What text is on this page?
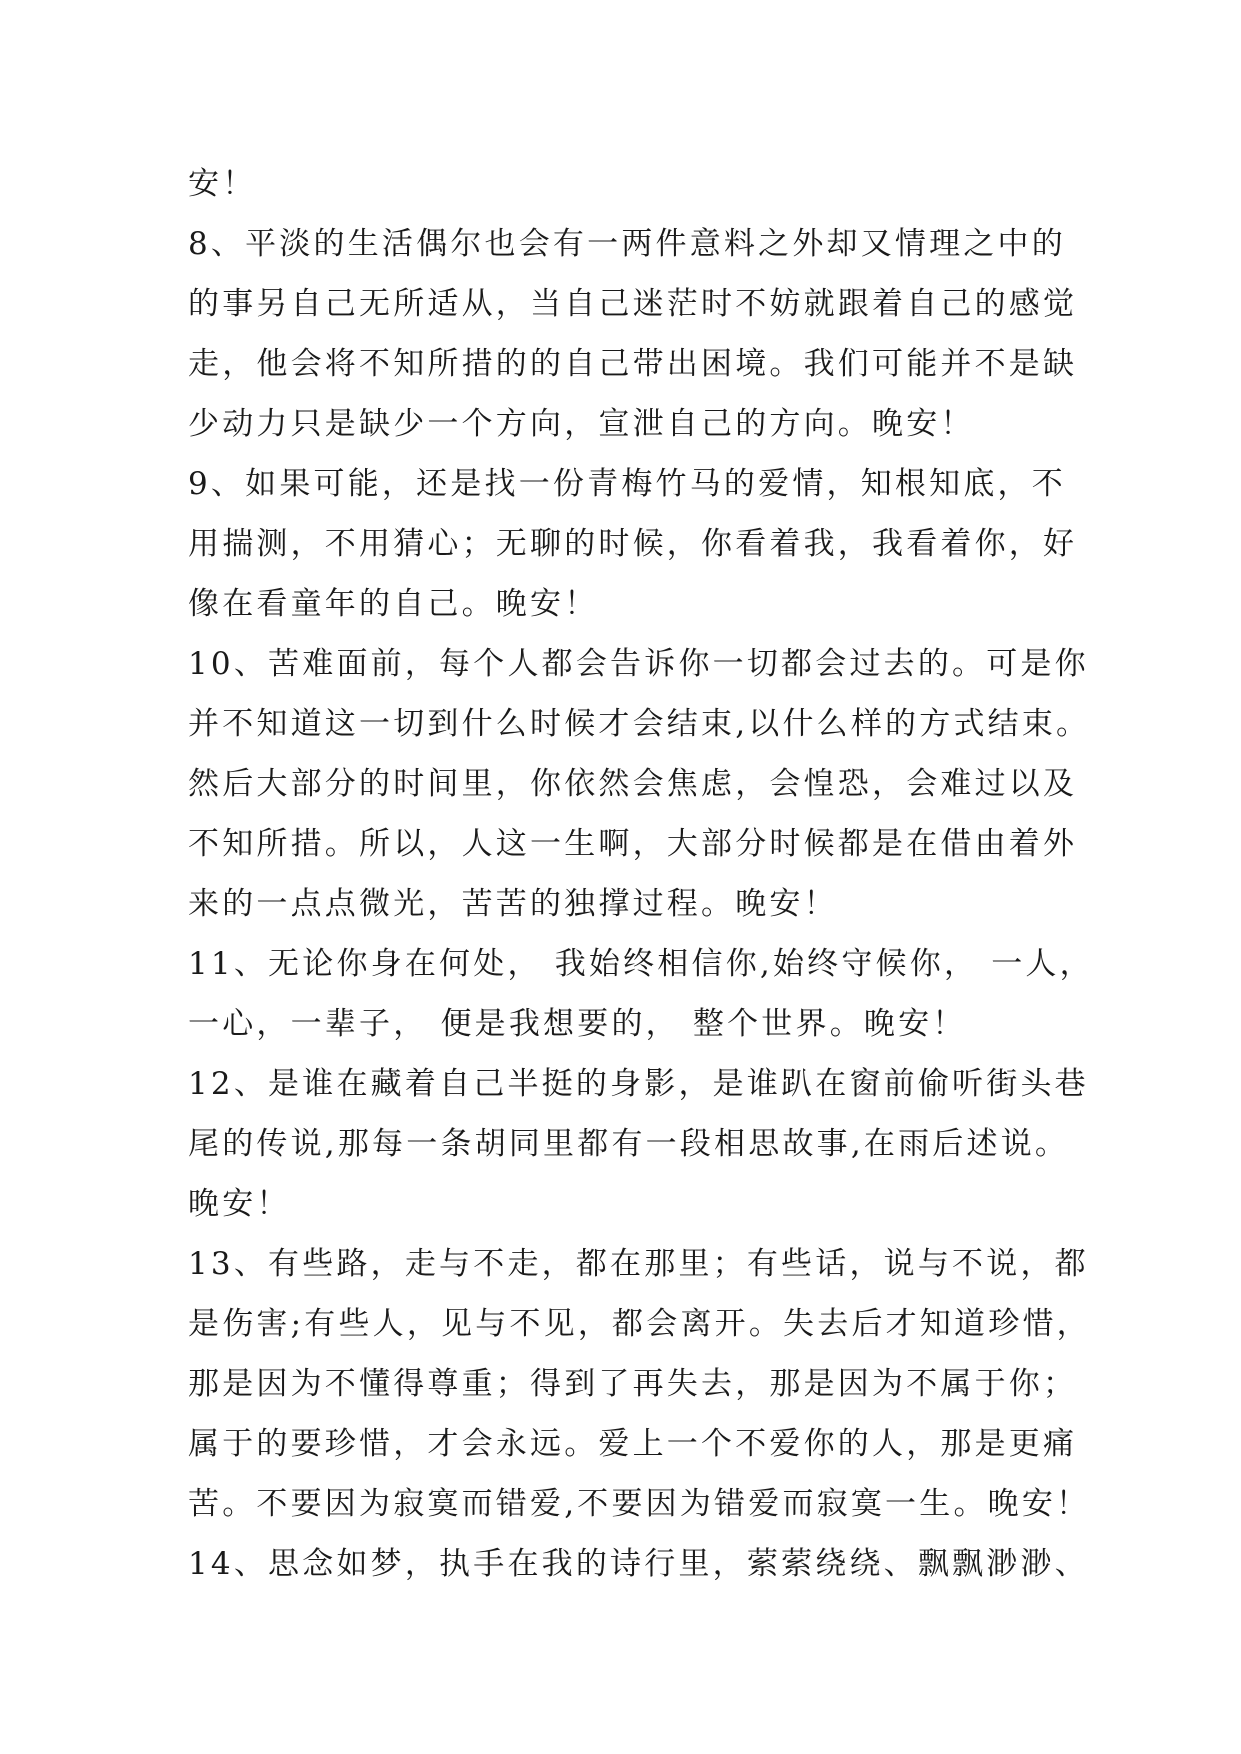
安！
8、平淡的生活偶尔也会有一两件意料之外却又情理之中的
的事另自己无所适从，当自己迷茫时不妨就跟着自己的感觉
走，他会将不知所措的的自己带出困境。我们可能并不是缺
少动力只是缺少一个方向，宣泄自己的方向。晚安！
9、如果可能，还是找一份青梅竹马的爱情，知根知底，不
用揣测，不用猜心；无聊的时候，你看着我，我看着你，好
像在看童年的自己。晚安！
10、苦难面前，每个人都会告诉你一切都会过去的。可是你
并不知道这一切到什么时候才会结束,以什么样的方式结束。
然后大部分的时间里，你依然会焦虑，会惶恐，会难过以及
不知所措。所以，人这一生啊，大部分时候都是在借由着外
来的一点点微光，苦苦的独撑过程。晚安！
11、无论你身在何处， 我始终相信你,始终守候你， 一人，
一心，一辈子， 便是我想要的， 整个世界。晚安！
12、是谁在藏着自己半挺的身影，是谁趴在窗前偷听街头巷
尾的传说,那每一条胡同里都有一段相思故事,在雨后述说。
晚安！
13、有些路，走与不走，都在那里；有些话，说与不说，都
是伤害;有些人，见与不见，都会离开。失去后才知道珍惜，
那是因为不懂得尊重；得到了再失去，那是因为不属于你；
属于的要珍惜，才会永远。爱上一个不爱你的人，那是更痛
苦。不要因为寂寞而错爱,不要因为错爱而寂寞一生。晚安！
14、思念如梦，执手在我的诗行里，萦萦绕绕、飘飘渺渺、
